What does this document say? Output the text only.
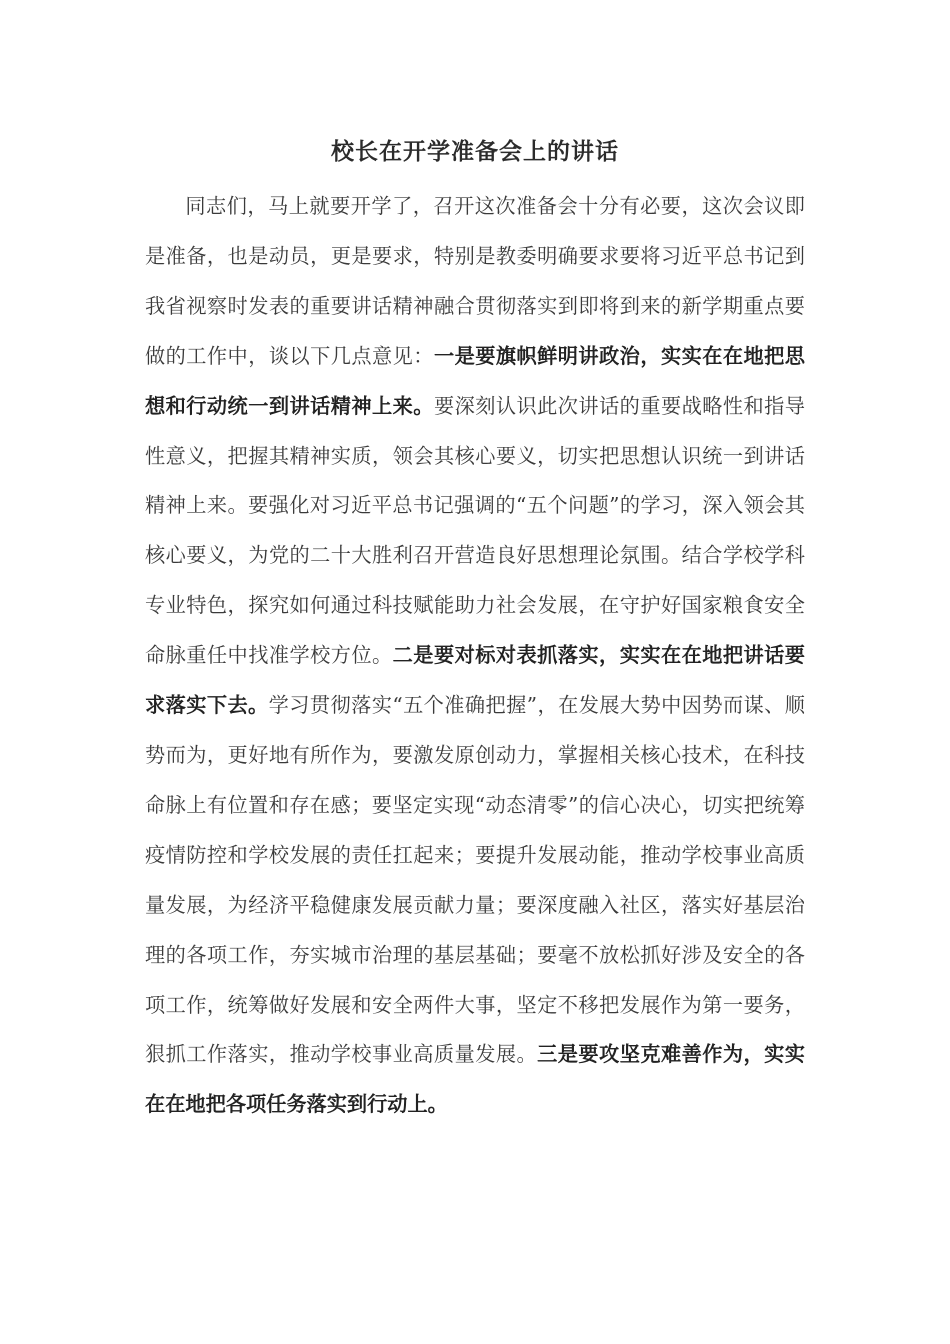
校长在开学准备会上的讲话

同志们，马上就要开学了，召开这次准备会十分有必要，这次会议即是准备，也是动员，更是要求，特别是教委明确要求要将习近平总书记到我省视察时发表的重要讲话精神融合贯彻落实到即将到来的新学期重点要做的工作中，谈以下几点意见：一是要旗帜鲜明讲政治，实实在在地把思想和行动统一到讲话精神上来。要深刻认识此次讲话的重要战略性和指导性意义，把握其精神实质，领会其核心要义，切实把思想认识统一到讲话精神上来。要强化对习近平总书记强调的“五个问题”的学习，深入领会其核心要义，为党的二十大胜利召开营造良好思想理论氛围。结合学校学科专业特色，探究如何通过科技赋能助力社会发展，在守护好国家粮食安全命脉重任中找准学校方位。二是要对标对表抓落实，实实在在地把讲话要求落实下去。学习贯彻落实“五个准确把握”，在发展大势中因势而谋、顺势而为，更好地有所作为，要激发原创动力，掌握相关核心技术，在科技命脉上有位置和存在感；要坚定实现“动态清零”的信心决心，切实把统筹疫情防控和学校发展的责任扛起来；要提升发展动能，推动学校事业高质量发展，为经济平稳健康发展贡献力量；要深度融入社区，落实好基层治理的各项工作，夯实城市治理的基层基础；要毫不放松抓好涉及安全的各项工作，统筹做好发展和安全两件大事，坚定不移把发展作为第一要务，狠抓工作落实，推动学校事业高质量发展。三是要攻坚克难善作为，实实在在地把各项任务落实到行动上。
